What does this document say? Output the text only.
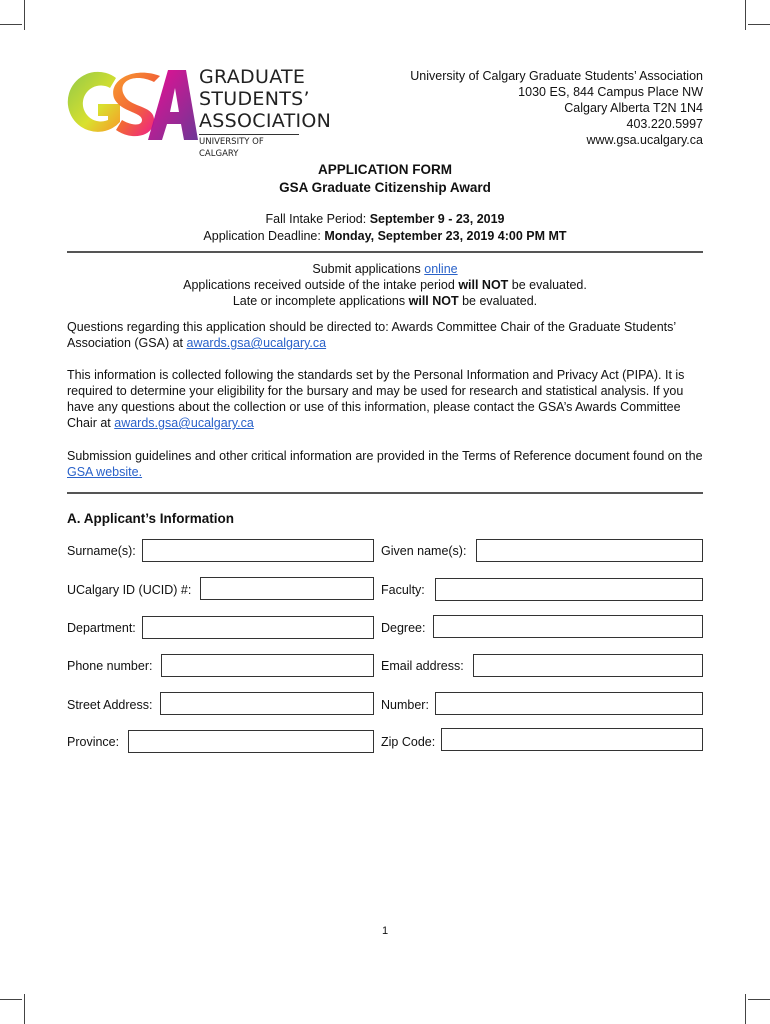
GRADUATE
STUDENTS’
ASSOCIATION
UNIVERSITY OF CALGARY
University of Calgary Graduate Students’ Association
1030 ES, 844 Campus Place NW
Calgary Alberta T2N 1N4
403.220.5997
www.gsa.ucalgary.ca
APPLICATION FORM
GSA Graduate Citizenship Award
Fall Intake Period: September 9 - 23, 2019
Application Deadline: Monday, September 23, 2019 4:00 PM MT
Submit applications online
Applications received outside of the intake period will NOT be evaluated.
Late or incomplete applications will NOT be evaluated.
Questions regarding this application should be directed to: Awards Committee Chair of the Graduate Students’ Association (GSA) at awards.gsa@ucalgary.ca
This information is collected following the standards set by the Personal Information and Privacy Act (PIPA). It is required to determine your eligibility for the bursary and may be used for research and statistical analysis. If you have any questions about the collection or use of this information, please contact the GSA’s Awards Committee Chair at awards.gsa@ucalgary.ca
Submission guidelines and other critical information are provided in the Terms of Reference document found on the GSA website.
A. Applicant’s Information
Surname(s):	Given name(s):
UCalgary ID (UCID) #:	Faculty:
Department:	Degree:
Phone number:	Email address:
Street Address:	Number:
Province:	Zip Code:
1
